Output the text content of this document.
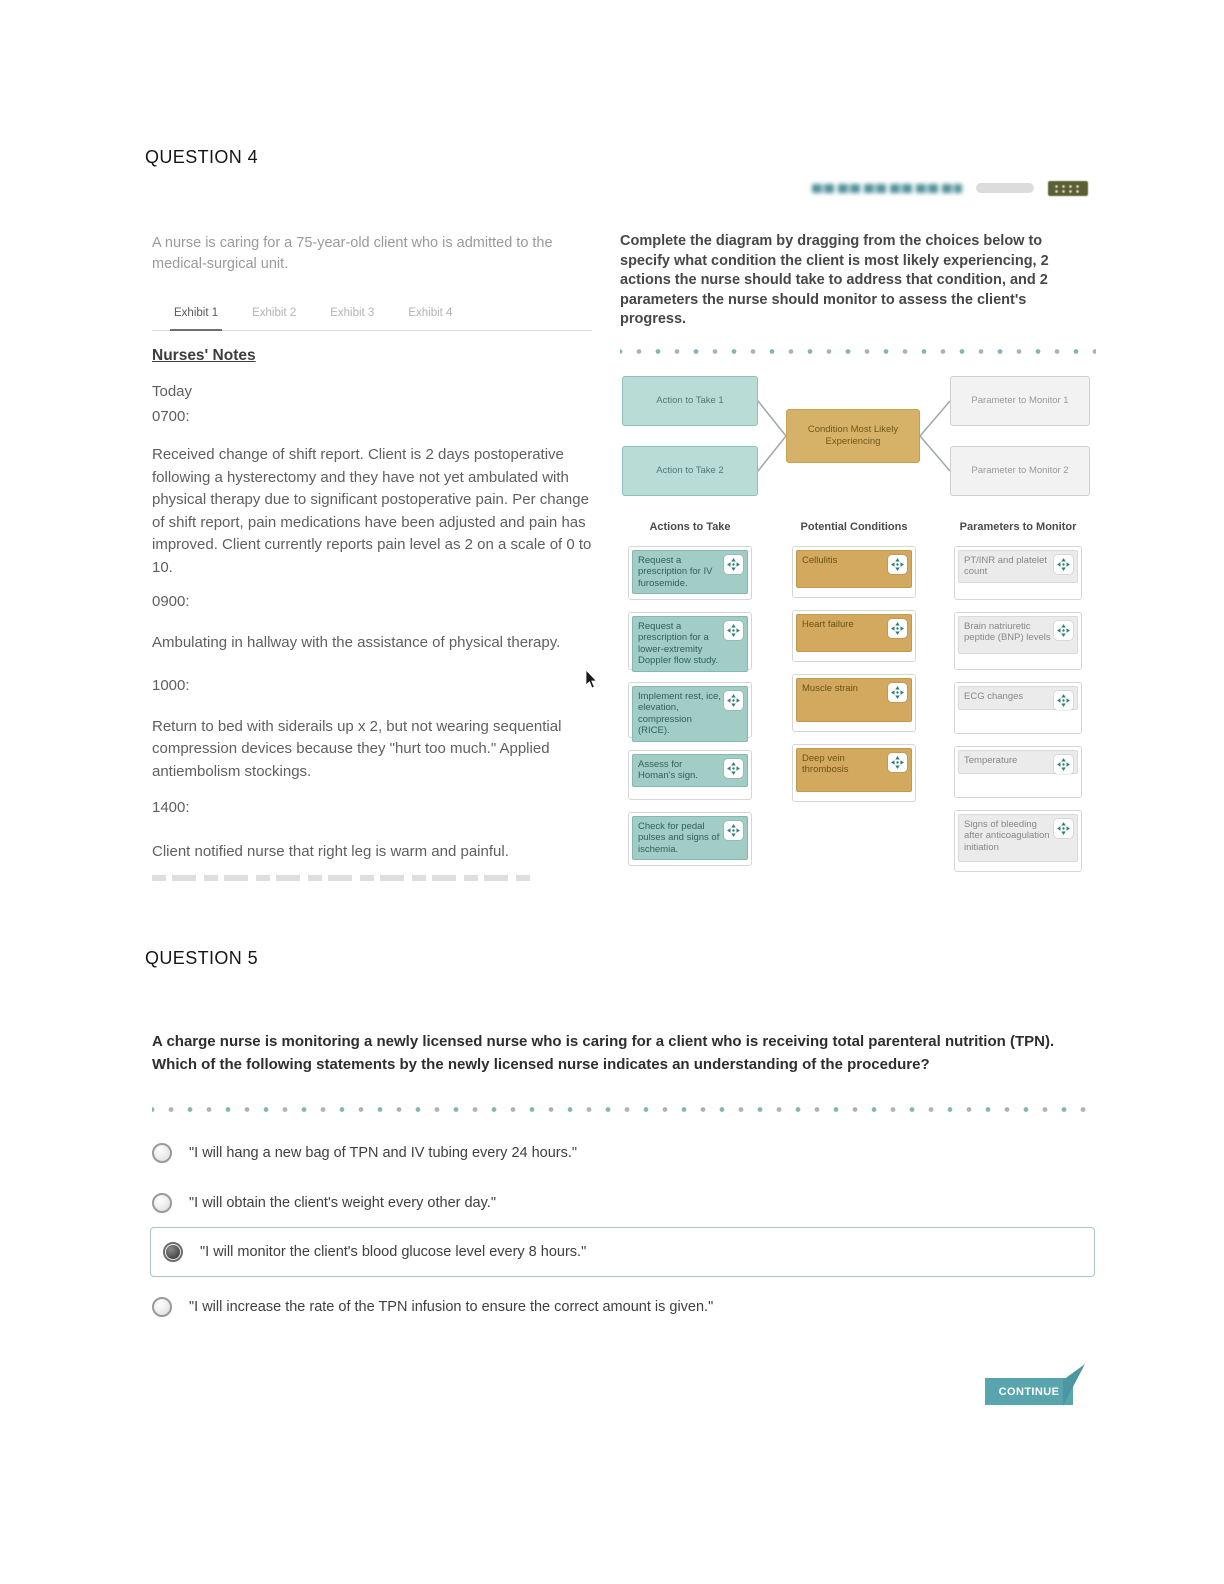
QUESTION 4
A nurse is caring for a 75-year-old client who is admitted to the medical-surgical unit.
Exhibit 1	Exhibit 2	Exhibit 3	Exhibit 4
Nurses' Notes
Today
0700:
Received change of shift report. Client is 2 days postoperative following a hysterectomy and they have not yet ambulated with physical therapy due to significant postoperative pain. Per change of shift report, pain medications have been adjusted and pain has improved. Client currently reports pain level as 2 on a scale of 0 to 10.
0900:
Ambulating in hallway with the assistance of physical therapy.
1000:
Return to bed with siderails up x 2, but not wearing sequential compression devices because they "hurt too much." Applied antiembolism stockings.
1400:
Client notified nurse that right leg is warm and painful.
Complete the diagram by dragging from the choices below to specify what condition the client is most likely experiencing, 2 actions the nurse should take to address that condition, and 2 parameters the nurse should monitor to assess the client's progress.
Action to Take 1
Action to Take 2
Condition Most Likely Experiencing
Parameter to Monitor 1
Parameter to Monitor 2
Actions to Take
Request a prescription for IV furosemide.
Request a prescription for a lower-extremity Doppler flow study.
Implement rest, ice, elevation, compression (RICE).
Assess for Homan's sign.
Check for pedal pulses and signs of ischemia.
Potential Conditions
Cellulitis
Heart failure
Muscle strain
Deep vein thrombosis
Parameters to Monitor
PT/INR and platelet count
Brain natriuretic peptide (BNP) levels
ECG changes
Temperature
Signs of bleeding after anticoagulation initiation
QUESTION 5
A charge nurse is monitoring a newly licensed nurse who is caring for a client who is receiving total parenteral nutrition (TPN). Which of the following statements by the newly licensed nurse indicates an understanding of the procedure?
"I will hang a new bag of TPN and IV tubing every 24 hours."
"I will obtain the client's weight every other day."
"I will monitor the client's blood glucose level every 8 hours."
"I will increase the rate of the TPN infusion to ensure the correct amount is given."
CONTINUE
